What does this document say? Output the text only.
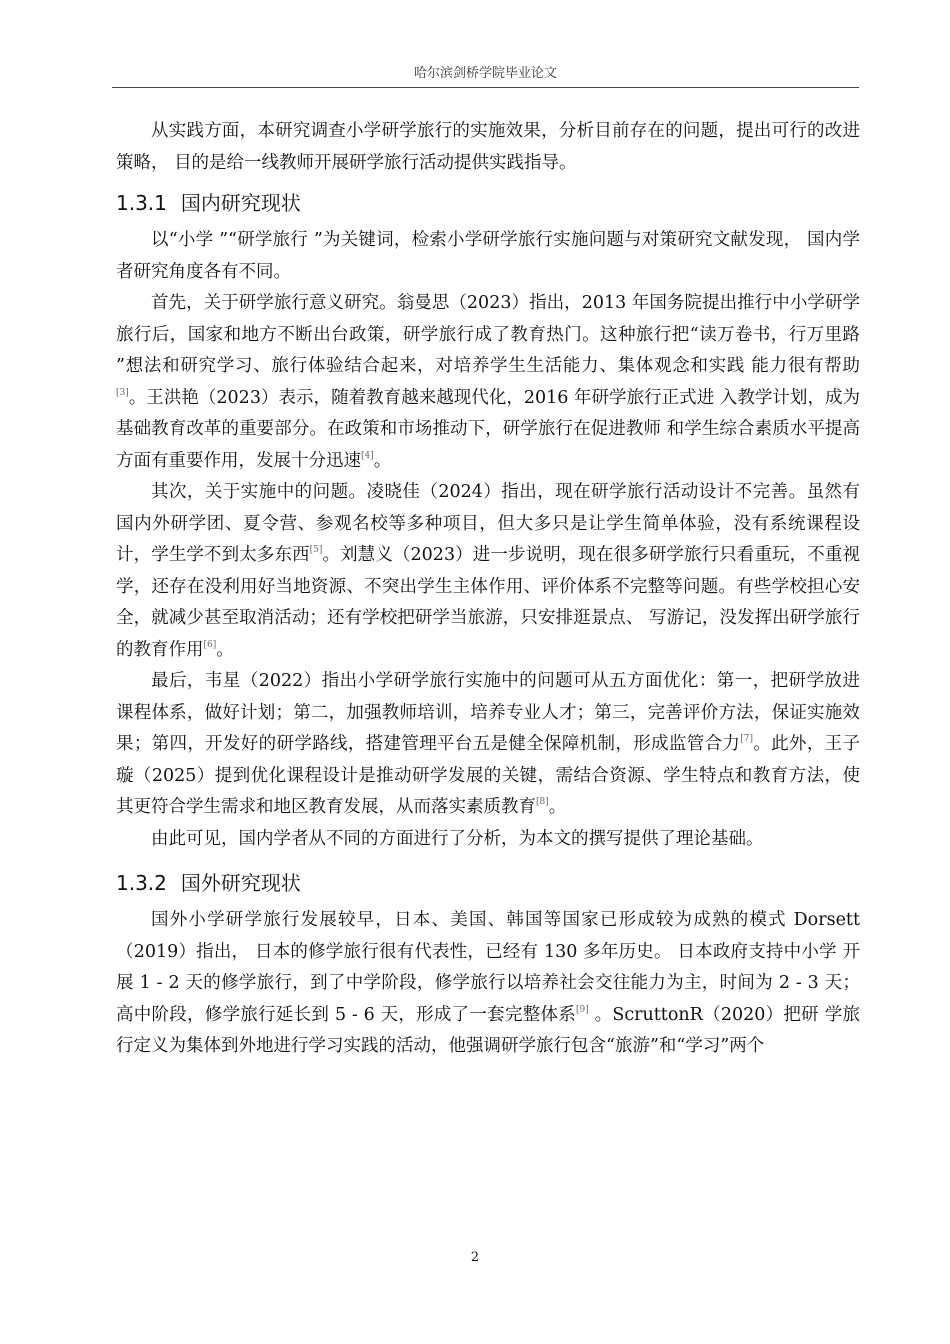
哈尔滨剑桥学院毕业论文

从实践方面，本研究调查小学研学旅行的实施效果，分析目前存在的问题，提出可行的改进策略， 目的是给一线教师开展研学旅行活动提供实践指导。

1.3.1 国内研究现状

以“小学 ”“研学旅行 ”为关键词，检索小学研学旅行实施问题与对策研究文献发现， 国内学者研究角度各有不同。

首先，关于研学旅行意义研究。翁曼思（2023）指出，2013 年国务院提出推行中小学研学旅行后，国家和地方不断出台政策，研学旅行成了教育热门。这种旅行把“读万卷书，行万里路 ”想法和研究学习、旅行体验结合起来，对培养学生生活能力、集体观念和实践 能力很有帮助[3]。王洪艳（2023）表示，随着教育越来越现代化，2016 年研学旅行正式进 入教学计划，成为基础教育改革的重要部分。在政策和市场推动下，研学旅行在促进教师 和学生综合素质水平提高方面有重要作用，发展十分迅速[4]。

其次，关于实施中的问题。凌晓佳（2024）指出，现在研学旅行活动设计不完善。虽然有国内外研学团、夏令营、参观名校等多种项目，但大多只是让学生简单体验，没有系统课程设计，学生学不到太多东西[5]。刘慧义（2023）进一步说明，现在很多研学旅行只看重玩，不重视学，还存在没利用好当地资源、不突出学生主体作用、评价体系不完整等问题。有些学校担心安全，就减少甚至取消活动；还有学校把研学当旅游，只安排逛景点、 写游记，没发挥出研学旅行的教育作用[6]。

最后，韦星（2022）指出小学研学旅行实施中的问题可从五方面优化：第一，把研学放进课程体系，做好计划；第二，加强教师培训，培养专业人才；第三，完善评价方法，保证实施效果；第四，开发好的研学路线，搭建管理平台五是健全保障机制，形成监管合力[7]。此外，王子璇（2025）提到优化课程设计是推动研学发展的关键，需结合资源、学生特点和教育方法，使其更符合学生需求和地区教育发展，从而落实素质教育[8]。

由此可见，国内学者从不同的方面进行了分析，为本文的撰写提供了理论基础。

1.3.2 国外研究现状

国外小学研学旅行发展较早，日本、美国、韩国等国家已形成较为成熟的模式 Dorsett （2019）指出， 日本的修学旅行很有代表性，已经有 130 多年历史。 日本政府支持中小学 开展 1 - 2 天的修学旅行，到了中学阶段，修学旅行以培养社会交往能力为主，时间为 2 - 3 天；高中阶段，修学旅行延长到 5 - 6 天，形成了一套完整体系[9] 。ScruttonR（2020）把研 学旅行定义为集体到外地进行学习实践的活动，他强调研学旅行包含“旅游”和“学习”两个

2
